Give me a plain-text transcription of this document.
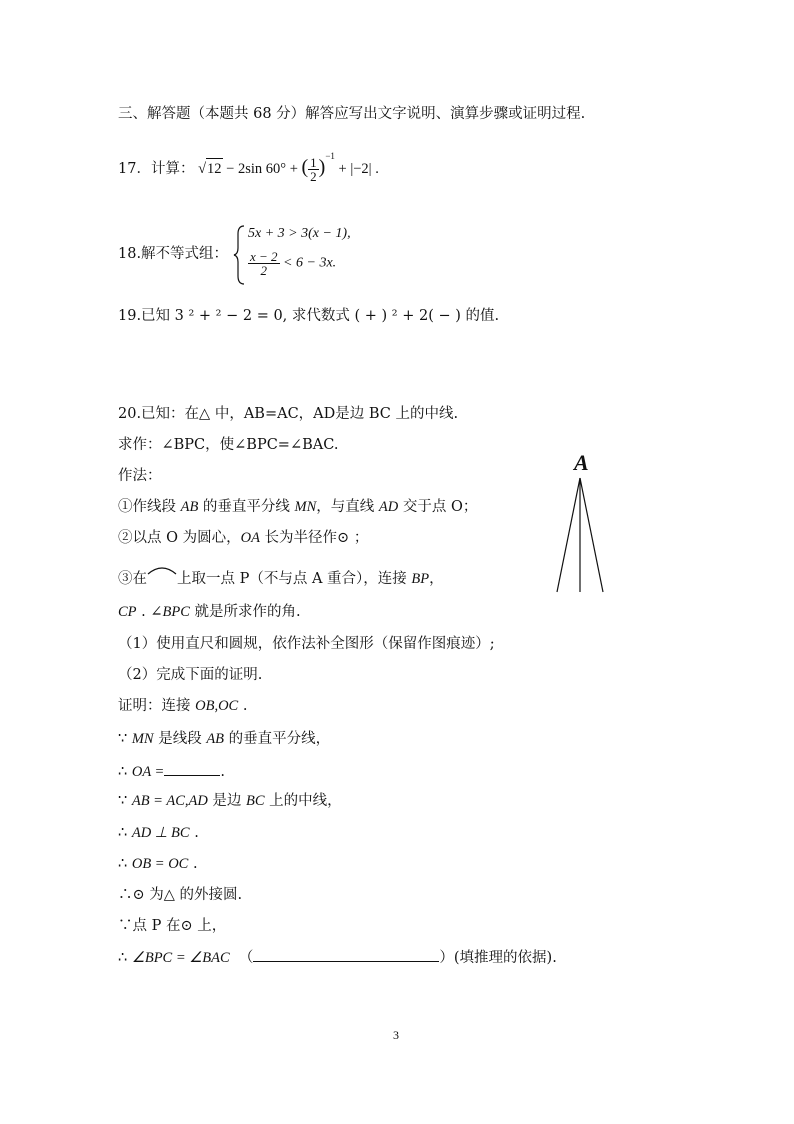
三、解答题（本题共 68 分）解答应写出文字说明、演算步骤或证明过程.
17．计算： √ 12 − 2sin 60° + ( $\frac{1}{2} )^{-1} + |-2|$ .
18.解不等式组：
5x + 3 > 3(x − 1),
$\frac{x - 2}{2} < 6 - 3x$.
19.已知 3 ² + ² − 2 = 0, 求代数式 ( + ) ² + 2( − ) 的值.
20.已知：在△ 中，AB=AC，AD是边 BC 上的中线.
求作：∠BPC，使∠BPC=∠BAC.
作法：
①作线段 AB 的垂直平分线 MN，与直线 AD 交于点 O；
②以点 O 为圆心，OA 长为半径作⊙ ；
③在 上取一点 P（不与点 A 重合），连接 BP，
CP . ∠BPC 就是所求作的角.
（1）使用直尺和圆规，依作法补全图形（保留作图痕迹）;
（2）完成下面的证明.
证明：连接 OB,OC .
∵ MN 是线段 AB 的垂直平分线，
∴ OA =	.
∵ AB = AC,AD 是边 BC 上的中线，
∴ AD ⊥ BC .
∴ OB = OC .
∴⊙ 为△ 的外接圆.
∵点 P 在⊙ 上，
∴ ∠BPC = ∠BAC （	）(填推理的依据).
A
3
